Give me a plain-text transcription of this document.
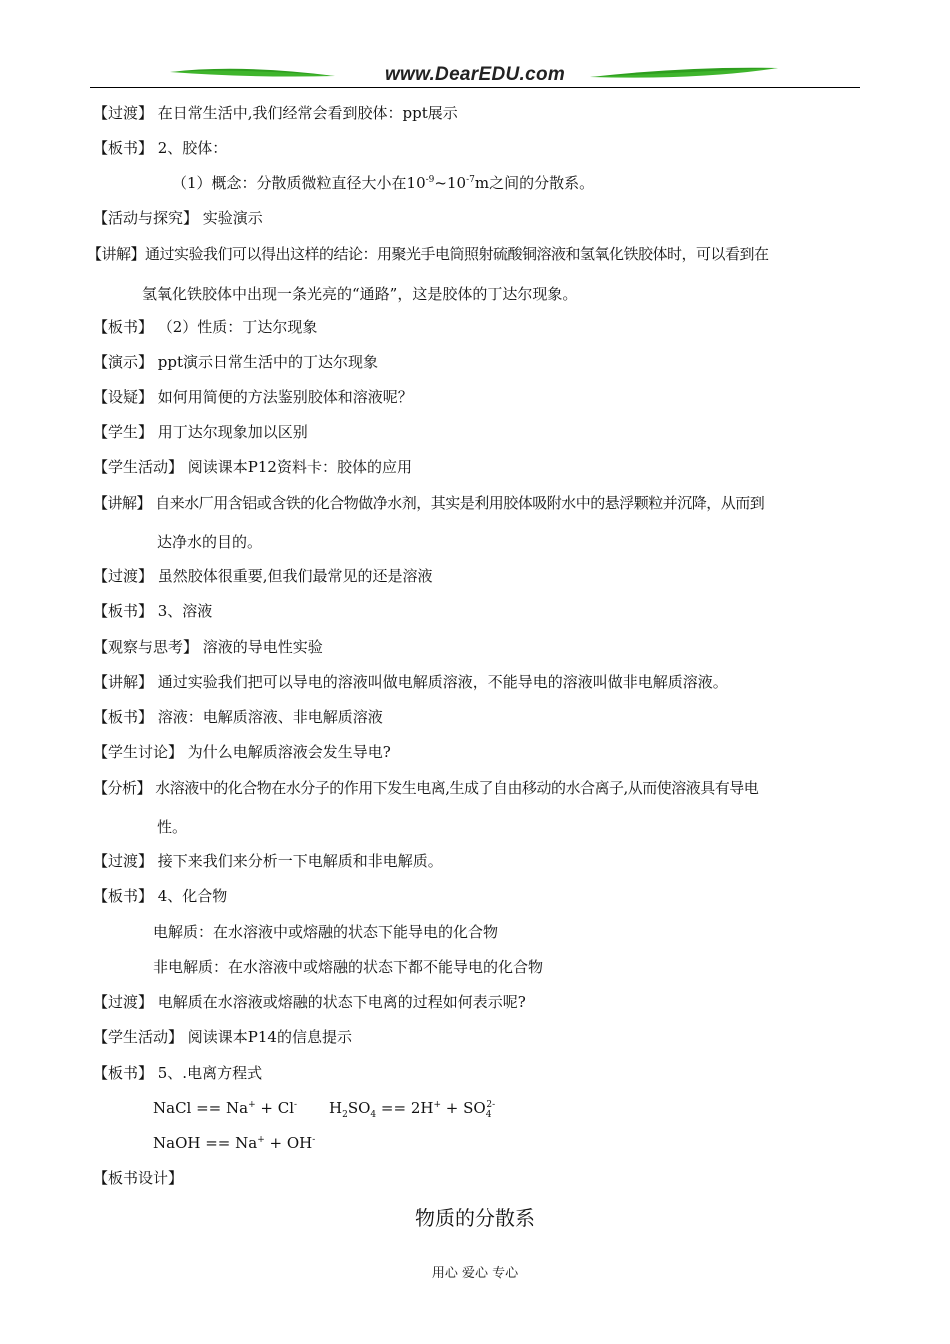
www.DearEDU.com
【过渡】 在日常生活中,我们经常会看到胶体：ppt展示
【板书】 2、胶体：
（1）概念：分散质微粒直径大小在$10^{-9}\sim 10^{-7}m$之间的分散系。
【活动与探究】 实验演示
【讲解】通过实验我们可以得出这样的结论：用聚光手电筒照射硫酸铜溶液和氢氧化铁胶体时，可以看到在
氢氧化铁胶体中出现一条光亮的“通路”，这是胶体的丁达尔现象。
【板书】 （2）性质：丁达尔现象
【演示】 ppt演示日常生活中的丁达尔现象
【设疑】 如何用简便的方法鉴别胶体和溶液呢？
【学生】 用丁达尔现象加以区别
【学生活动】 阅读课本P12资料卡：胶体的应用
【讲解】 自来水厂用含铝或含铁的化合物做净水剂，其实是利用胶体吸附水中的悬浮颗粒并沉降，从而到
达净水的目的。
【过渡】 虽然胶体很重要,但我们最常见的还是溶液
【板书】 3、溶液
【观察与思考】 溶液的导电性实验
【讲解】 通过实验我们把可以导电的溶液叫做电解质溶液，不能导电的溶液叫做非电解质溶液。
【板书】 溶液：电解质溶液、非电解质溶液
【学生讨论】 为什么电解质溶液会发生导电?
【分析】 水溶液中的化合物在水分子的作用下发生电离,生成了自由移动的水合离子,从而使溶液具有导电
性。
【过渡】 接下来我们来分析一下电解质和非电解质。
【板书】 4、化合物
电解质：在水溶液中或熔融的状态下能导电的化合物
非电解质：在水溶液中或熔融的状态下都不能导电的化合物
【过渡】 电解质在水溶液或熔融的状态下电离的过程如何表示呢?
【学生活动】 阅读课本P14的信息提示
【板书】 5、.电离方程式
NaCl == Na+ + Cl- $H_2SO_4 == 2H^+ + SO_4^{2-}$
NaOH == Na+ + OH-
【板书设计】
物质的分散系
用心 爱心 专心
